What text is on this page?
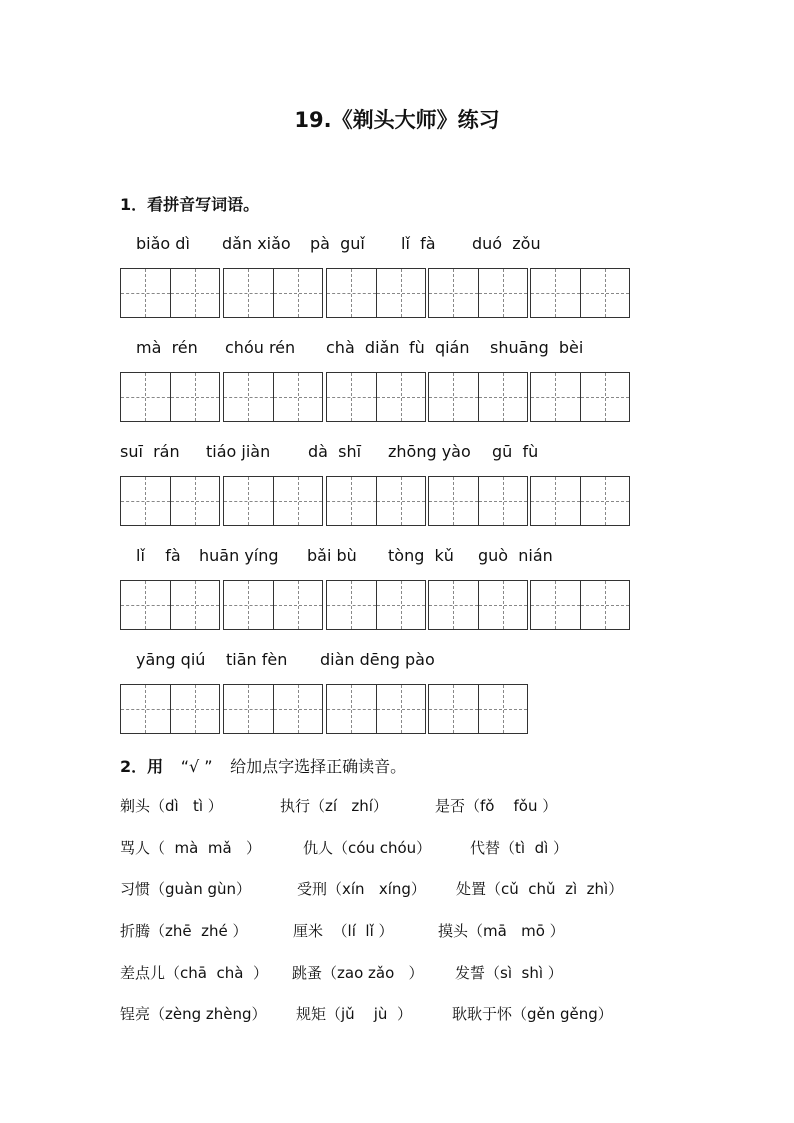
19.《剃头大师》练习
1．看拼音写词语。
biǎo dì dǎn xiǎo pà  guǐ lǐ  fà duó  zǒu
mà  rén chóu rén chà  diǎn fù  qián shuāng  bèi
suī  rán tiáo jiàn dà  shī zhōng yào gū  fù
lǐ    fà huān yíng bǎi bù tòng  kǔ guò  nián
yāng qiú tiān fèn diàn dēng pào
2．用 “√ ” 给加点字选择正确读音。
剃头（dì   tì ）	执行（zí   zhí）	是否（fǒ    fǒu ）
骂人（  mà  mǎ   ）	仇人（cóu chóu）	代替（tì  dì ）
习惯（guàn gùn）	受刑（xín   xíng） 处置（cǔ  chǔ  zì  zhì）
折腾（zhē  zhé ）	厘米  （lí  lǐ ）	摸头（mā   mō ）
差点儿（chā  chà  ） 跳蚤（zao zǎo   ） 发誓（sì  shì ）
锃亮（zèng zhèng） 规矩（jǔ    jù  ）	耿耿于怀（gěn gěng）
